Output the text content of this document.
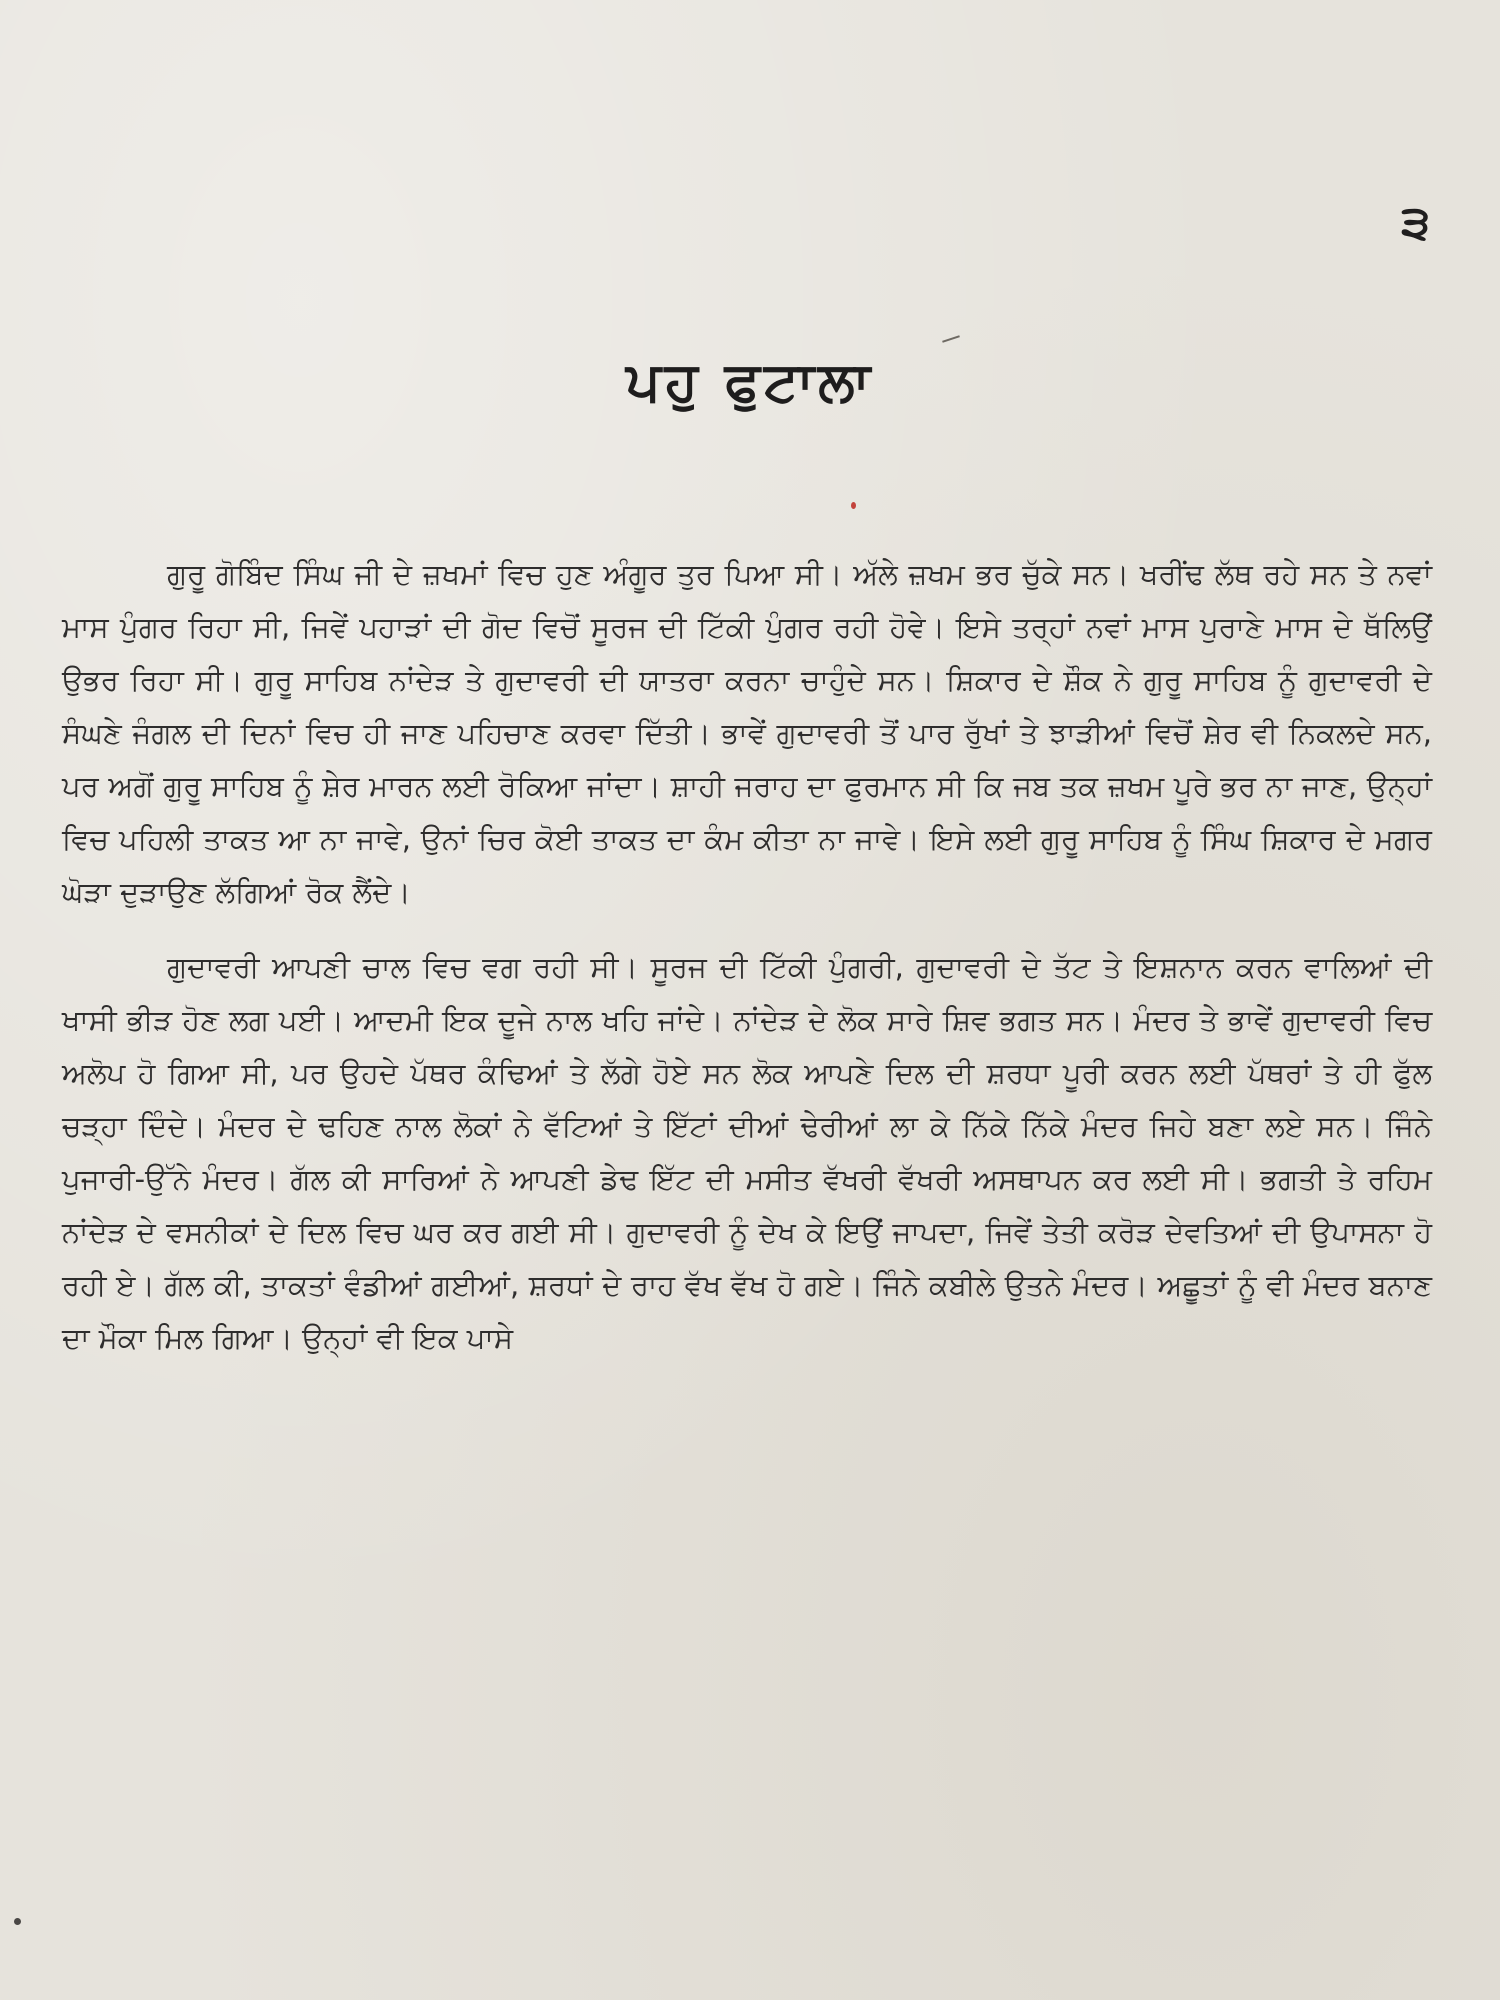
੩
ਪਹੁ ਫੁਟਾਲਾ

ਗੁਰੂ ਗੋਬਿੰਦ ਸਿੰਘ ਜੀ ਦੇ ਜ਼ਖਮਾਂ ਵਿਚ ਹੁਣ ਅੰਗੂਰ ਤੁਰ ਪਿਆ ਸੀ। ਅੱਲੇ ਜ਼ਖਮ ਭਰ ਚੁੱਕੇ ਸਨ। ਖਰੀਂਢ ਲੱਥ ਰਹੇ ਸਨ ਤੇ ਨਵਾਂ ਮਾਸ ਪੁੰਗਰ ਰਿਹਾ ਸੀ, ਜਿਵੇਂ ਪਹਾੜਾਂ ਦੀ ਗੋਦ ਵਿਚੋਂ ਸੂਰਜ ਦੀ ਟਿੱਕੀ ਪੁੰਗਰ ਰਹੀ ਹੋਵੇ। ਇਸੇ ਤਰ੍ਹਾਂ ਨਵਾਂ ਮਾਸ ਪੁਰਾਣੇ ਮਾਸ ਦੇ ਥੱਲਿਉਂ ਉਭਰ ਰਿਹਾ ਸੀ। ਗੁਰੂ ਸਾਹਿਬ ਨਾਂਦੇੜ ਤੇ ਗੁਦਾਵਰੀ ਦੀ ਯਾਤਰਾ ਕਰਨਾ ਚਾਹੁੰਦੇ ਸਨ। ਸ਼ਿਕਾਰ ਦੇ ਸ਼ੌਕ ਨੇ ਗੁਰੂ ਸਾਹਿਬ ਨੂੰ ਗੁਦਾਵਰੀ ਦੇ ਸੰਘਣੇ ਜੰਗਲ ਦੀ ਦਿਨਾਂ ਵਿਚ ਹੀ ਜਾਣ ਪਹਿਚਾਣ ਕਰਵਾ ਦਿੱਤੀ। ਭਾਵੇਂ ਗੁਦਾਵਰੀ ਤੋਂ ਪਾਰ ਰੁੱਖਾਂ ਤੇ ਝਾੜੀਆਂ ਵਿਚੋਂ ਸ਼ੇਰ ਵੀ ਨਿਕਲਦੇ ਸਨ, ਪਰ ਅਗੋਂ ਗੁਰੂ ਸਾਹਿਬ ਨੂੰ ਸ਼ੇਰ ਮਾਰਨ ਲਈ ਰੋਕਿਆ ਜਾਂਦਾ। ਸ਼ਾਹੀ ਜਰਾਹ ਦਾ ਫੁਰਮਾਨ ਸੀ ਕਿ ਜਬ ਤਕ ਜ਼ਖਮ ਪੂਰੇ ਭਰ ਨਾ ਜਾਣ, ਉਨ੍ਹਾਂ ਵਿਚ ਪਹਿਲੀ ਤਾਕਤ ਆ ਨਾ ਜਾਵੇ, ਉਨਾਂ ਚਿਰ ਕੋਈ ਤਾਕਤ ਦਾ ਕੰਮ ਕੀਤਾ ਨਾ ਜਾਵੇ। ਇਸੇ ਲਈ ਗੁਰੂ ਸਾਹਿਬ ਨੂੰ ਸਿੰਘ ਸ਼ਿਕਾਰ ਦੇ ਮਗਰ ਘੋੜਾ ਦੁੜਾਉਣ ਲੱਗਿਆਂ ਰੋਕ ਲੈਂਦੇ।

ਗੁਦਾਵਰੀ ਆਪਣੀ ਚਾਲ ਵਿਚ ਵਗ ਰਹੀ ਸੀ। ਸੂਰਜ ਦੀ ਟਿੱਕੀ ਪੁੰਗਰੀ, ਗੁਦਾਵਰੀ ਦੇ ਤੱਟ ਤੇ ਇਸ਼ਨਾਨ ਕਰਨ ਵਾਲਿਆਂ ਦੀ ਖਾਸੀ ਭੀੜ ਹੋਣ ਲਗ ਪਈ। ਆਦਮੀ ਇਕ ਦੂਜੇ ਨਾਲ ਖਹਿ ਜਾਂਦੇ। ਨਾਂਦੇੜ ਦੇ ਲੋਕ ਸਾਰੇ ਸ਼ਿਵ ਭਗਤ ਸਨ। ਮੰਦਰ ਤੇ ਭਾਵੇਂ ਗੁਦਾਵਰੀ ਵਿਚ ਅਲੋਪ ਹੋ ਗਿਆ ਸੀ, ਪਰ ਉਹਦੇ ਪੱਥਰ ਕੰਢਿਆਂ ਤੇ ਲੱਗੇ ਹੋਏ ਸਨ ਲੋਕ ਆਪਣੇ ਦਿਲ ਦੀ ਸ਼ਰਧਾ ਪੂਰੀ ਕਰਨ ਲਈ ਪੱਥਰਾਂ ਤੇ ਹੀ ਫੁੱਲ ਚੜ੍ਹਾ ਦਿੰਦੇ। ਮੰਦਰ ਦੇ ਢਹਿਣ ਨਾਲ ਲੋਕਾਂ ਨੇ ਵੱਟਿਆਂ ਤੇ ਇੱਟਾਂ ਦੀਆਂ ਢੇਰੀਆਂ ਲਾ ਕੇ ਨਿੱਕੇ ਨਿੱਕੇ ਮੰਦਰ ਜਿਹੇ ਬਣਾ ਲਏ ਸਨ। ਜਿੰਨੇ ਪੁਜਾਰੀ-ਉੱਨੇ ਮੰਦਰ। ਗੱਲ ਕੀ ਸਾਰਿਆਂ ਨੇ ਆਪਣੀ ਡੇਢ ਇੱਟ ਦੀ ਮਸੀਤ ਵੱਖਰੀ ਵੱਖਰੀ ਅਸਥਾਪਨ ਕਰ ਲਈ ਸੀ। ਭਗਤੀ ਤੇ ਰਹਿਮ ਨਾਂਦੇੜ ਦੇ ਵਸਨੀਕਾਂ ਦੇ ਦਿਲ ਵਿਚ ਘਰ ਕਰ ਗਈ ਸੀ। ਗੁਦਾਵਰੀ ਨੂੰ ਦੇਖ ਕੇ ਇਉਂ ਜਾਪਦਾ, ਜਿਵੇਂ ਤੇਤੀ ਕਰੋੜ ਦੇਵਤਿਆਂ ਦੀ ਉਪਾਸਨਾ ਹੋ ਰਹੀ ਏ। ਗੱਲ ਕੀ, ਤਾਕਤਾਂ ਵੰਡੀਆਂ ਗਈਆਂ, ਸ਼ਰਧਾਂ ਦੇ ਰਾਹ ਵੱਖ ਵੱਖ ਹੋ ਗਏ। ਜਿੰਨੇ ਕਬੀਲੇ ਉਤਨੇ ਮੰਦਰ। ਅਛੂਤਾਂ ਨੂੰ ਵੀ ਮੰਦਰ ਬਨਾਣ ਦਾ ਮੌਕਾ ਮਿਲ ਗਿਆ। ਉਨ੍ਹਾਂ ਵੀ ਇਕ ਪਾਸੇ
